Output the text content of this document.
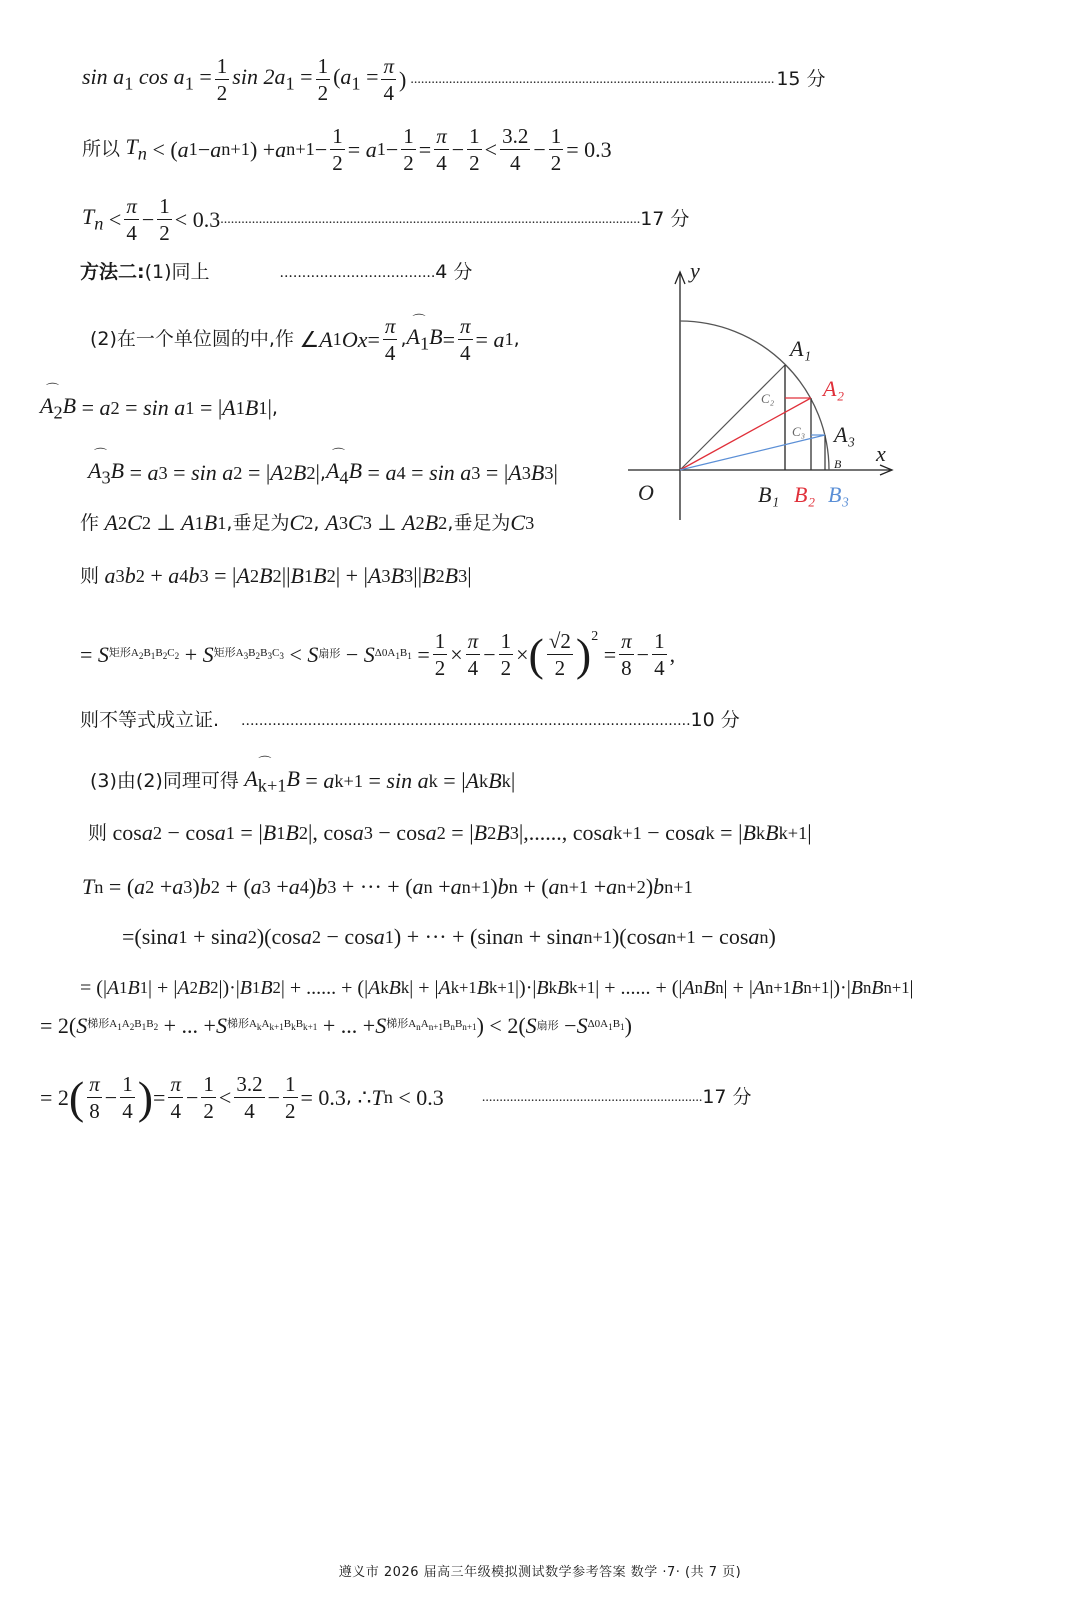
$\sin a_1$ $\cos a_1 = \frac{1}{2}$ $\sin 2a_1 = \frac{1}{2} (a_1 = \frac{\pi}{4}$ ) ........................................................................................................ 15 分
所以
$T_n$ < ( a 1 − a n+1 ) + a $n+1 - \frac{1}{2} = a$ $1 - \frac{1}{2} = \frac{\pi}{4} - \frac{1}{2} < \frac{3.2}{4} - \frac{1}{2} = 0.3$
$T_n < \frac{\pi}{4} - \frac{1}{2} < 0.3$ ........................................................................................................................ 17 分
方法二: (1)同上	................................... 4 分
(2)在一个单位圆的中,作 ∠ A 1 $Ox = \frac{\pi}{4}$ ,
⌒
$A_1B = \frac{\pi}{4} = a$ 1 ,
⌒
$A_2B = a$ 2 = sin a 1 = | A 1 B 1 | ,
⌒
$A_3B = a$ 3 = sin a 2 = | A 2 B 2 | ,
⌒
$A_4B = a$ 4 = sin a 3 = | A 3 B 3 |
作
A 2 C 2 ⊥ A 1 B 1 ,垂足为 C 2 , A 3 C 3 ⊥ A 2 B 2 ,垂足为 C 3
则
a 3 b 2 + a 4 b 3 = | A 2 B 2 || B 1 B 2 | + | A 3 B 3 || B 2 B 3 |
= S 矩形$A_2B_1B_2C_2 + S$ 矩形$A_3B_2B_3C_3 < S$ 扇形 − S $\Delta 0A_1B_1 = \frac{1}{2} \times \frac{\pi}{4} - \frac{1}{2}$ × ( $\frac{√2}{2} )^2$
= $\frac{\pi}{8} - \frac{1}{4}$ ,
则不等式成立证. ..................................................................................................... 10 分
(3)由(2)同理可得

⌒
$A_{k+1}B = a$ k+1 = sin a k = | A k B k |
则 cos a 2 − cos a 1 = | B 1 B 2 |, cos a 3 − cos a 2 = | B 2 B 3 |,......, cos a k+1 − cos a k = | B k B k+1 |
T n = ( a 2 + a 3 ) b 2 + ( a 3 + a 4 ) b 3 + ··· + ( a n + a n+1 ) b n + ( a n+1 + a n+2 ) b n+1
=(sin a 1 + sin a 2 )(cos a 2 − cos a 1 ) + ··· + (sin a n + sin a n+1 )(cos a n+1 − cos a n )
= (| A 1 B 1 | + | A 2 B 2 |)·| B 1 B 2 | + ...... + (| A k B k | + | A k+1 B k+1 |)·| B k B k+1 | + ...... + (| A n B n | + | A n+1 B n+1 |)·| B n B n+1 |
= 2( S 梯形$A_1A_2B_1B_2$ + ... + S 梯形$A_kA_{k+1}B_kB_{k+1}$ + ... + S 梯形$A_nA_{n+1}B_nB_{n+1}$ ) < 2( S 扇形 − S $\Delta 0A_1B_1$ )
= 2 ( $\frac{\pi}{8} - \frac{1}{4}$ ) = $\frac{\pi}{4} - \frac{1}{2} < \frac{3.2}{4} - \frac{1}{2} = 0.3$ , ∴ T n < 0.3	............................................................... 17 分
y
x
O
A₁
A₂
A₃
B₁ B₂ B₃
C₂
C₃
B
遵义市 2026 届高三年级模拟测试数学参考答案 数学 ·7· (共 7 页)
